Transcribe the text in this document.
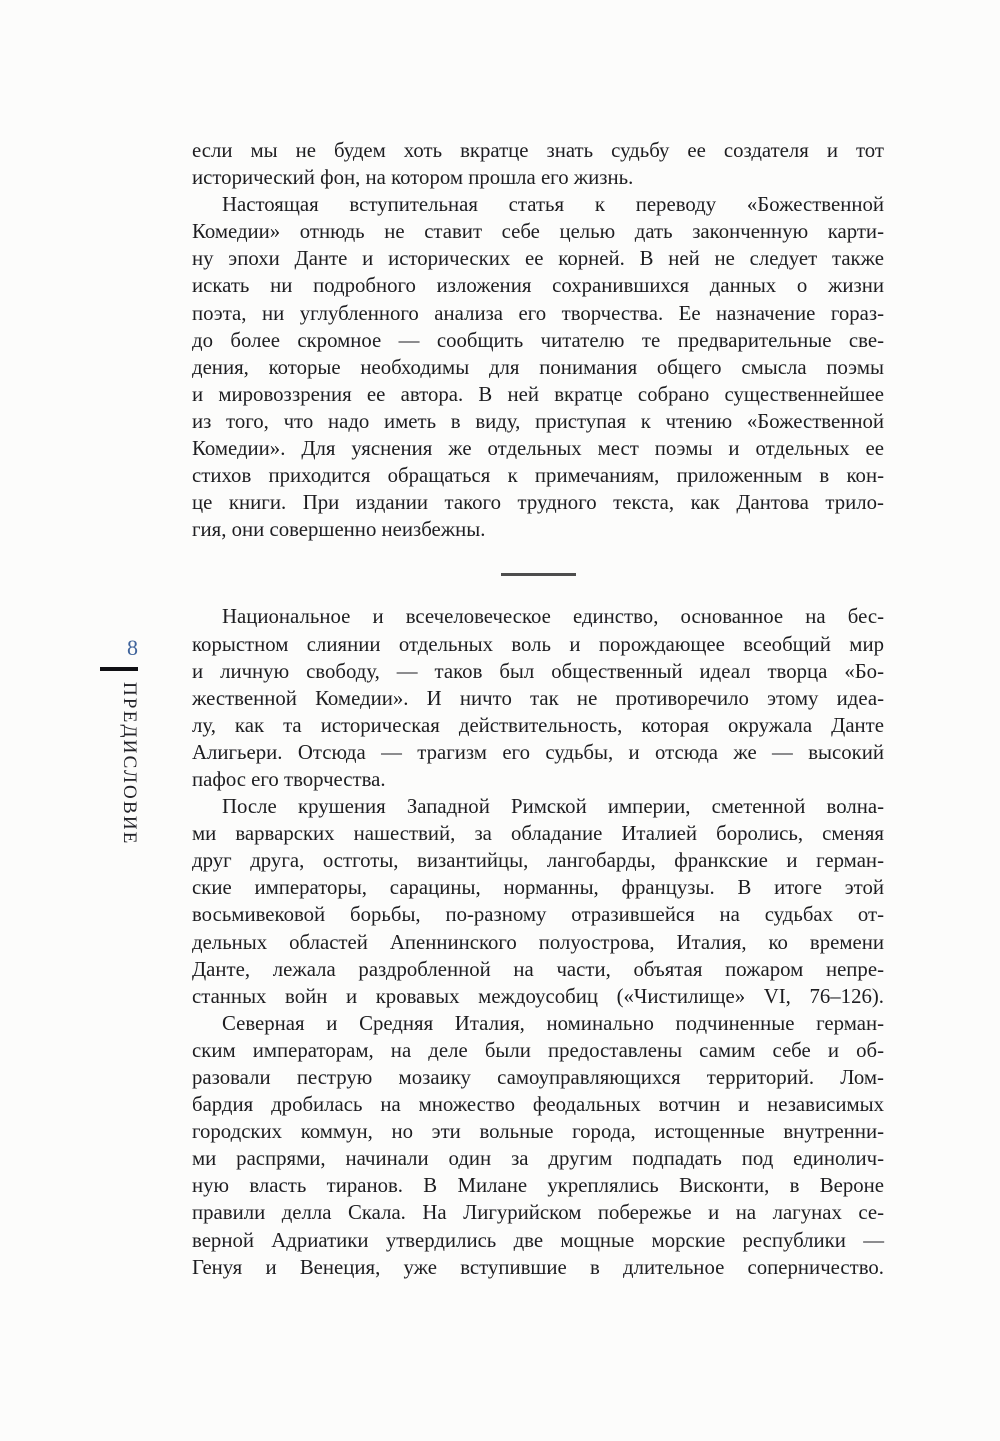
8
ПРЕДИСЛОВИЕ
если мы не будем хоть вкратце знать судьбу ее создателя и тот
исторический фон, на котором прошла его жизнь.
Настоящая вступительная статья к переводу «Божественной
Комедии» отнюдь не ставит себе целью дать законченную карти-
ну эпохи Данте и исторических ее корней. В ней не следует также
искать ни подробного изложения сохранившихся данных о жизни
поэта, ни углубленного анализа его творчества. Ее назначение гораз-
до более скромное — сообщить читателю те предварительные све-
дения, которые необходимы для понимания общего смысла поэмы
и мировоззрения ее автора. В ней вкратце собрано существеннейшее
из того, что надо иметь в виду, приступая к чтению «Божественной
Комедии». Для уяснения же отдельных мест поэмы и отдельных ее
стихов приходится обращаться к примечаниям, приложенным в кон-
це книги. При издании такого трудного текста, как Дантова трило-
гия, они совершенно неизбежны.
Национальное и всечеловеческое единство, основанное на бес-
корыстном слиянии отдельных воль и порождающее всеобщий мир
и личную свободу, — таков был общественный идеал творца «Бо-
жественной Комедии». И ничто так не противоречило этому идеа-
лу, как та историческая действительность, которая окружала Данте
Алигьери. Отсюда — трагизм его судьбы, и отсюда же — высокий
пафос его творчества.
После крушения Западной Римской империи, сметенной волна-
ми варварских нашествий, за обладание Италией боролись, сменяя
друг друга, остготы, византийцы, лангобарды, франкские и герман-
ские императоры, сарацины, норманны, французы. В итоге этой
восьмивековой борьбы, по-разному отразившейся на судьбах от-
дельных областей Апеннинского полуострова, Италия, ко времени
Данте, лежала раздробленной на части, объятая пожаром непре-
станных войн и кровавых междоусобиц («Чистилище» VI, 76–126).
Северная и Средняя Италия, номинально подчиненные герман-
ским императорам, на деле были предоставлены самим себе и об-
разовали пеструю мозаику самоуправляющихся территорий. Лом-
бардия дробилась на множество феодальных вотчин и независимых
городских коммун, но эти вольные города, истощенные внутренни-
ми распрями, начинали один за другим подпадать под единолич-
ную власть тиранов. В Милане укреплялись Висконти, в Вероне
правили делла Скала. На Лигурийском побережье и на лагунах се-
верной Адриатики утвердились две мощные морские республики —
Генуя и Венеция, уже вступившие в длительное соперничество.
